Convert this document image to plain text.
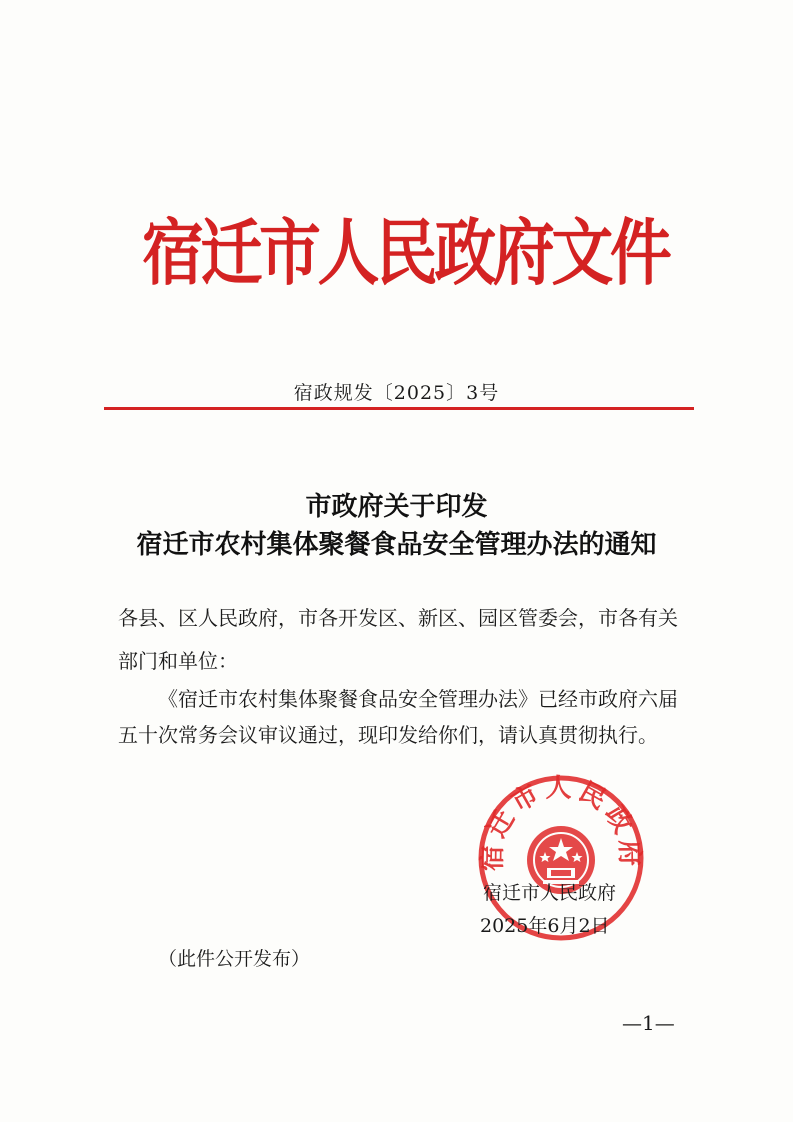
宿迁市人民政府文件
宿政规发〔2025〕3号
市政府关于印发
宿迁市农村集体聚餐食品安全管理办法的通知
各县、区人民政府，市各开发区、新区、园区管委会，市各有关
部门和单位：
《宿迁市农村集体聚餐食品安全管理办法》已经市政府六届
五十次常务会议审议通过，现印发给你们，请认真贯彻执行。
宿迁市人民政府
宿迁市人民政府
2025年6月2日
（此件公开发布）
—1—
